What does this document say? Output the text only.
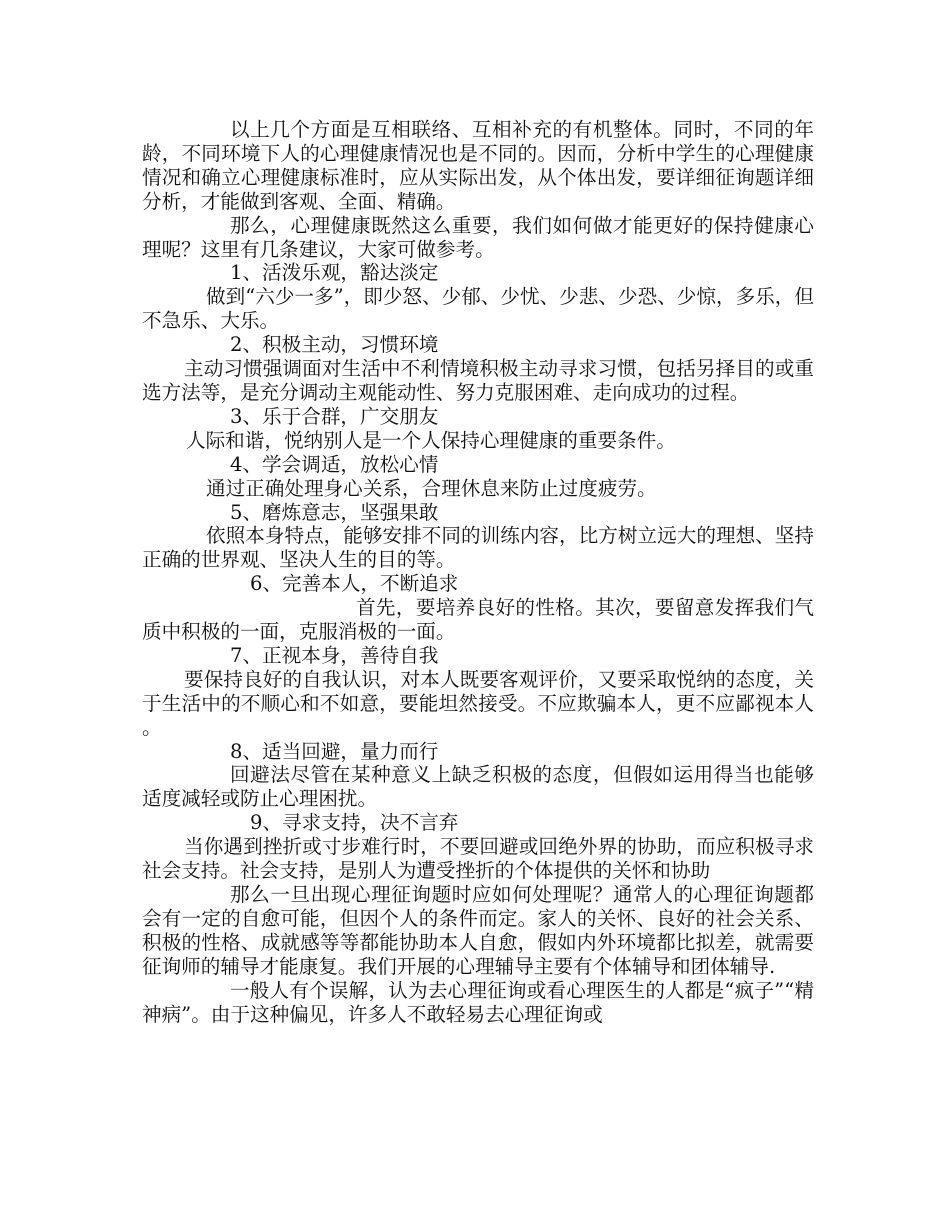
以上几个方面是互相联络、互相补充的有机整体。同时，不同的年龄，不同环境下人的心理健康情况也是不同的。因而，分析中学生的心理健康情况和确立心理健康标准时，应从实际出发，从个体出发，要详细征询题详细分析，才能做到客观、全面、精确。

那么，心理健康既然这么重要，我们如何做才能更好的保持健康心理呢？这里有几条建议，大家可做参考。

1、活泼乐观，豁达淡定

做到“六少一多”，即少怒、少郁、少忧、少悲、少恐、少惊，多乐，但不急乐、大乐。

2、积极主动，习惯环境

主动习惯强调面对生活中不利情境积极主动寻求习惯，包括另择目的或重选方法等，是充分调动主观能动性、努力克服困难、走向成功的过程。

3、乐于合群，广交朋友

人际和谐，悦纳别人是一个人保持心理健康的重要条件。

4、学会调适，放松心情

通过正确处理身心关系，合理休息来防止过度疲劳。

5、磨炼意志，坚强果敢

依照本身特点，能够安排不同的训练内容，比方树立远大的理想、坚持正确的世界观、坚决人生的目的等。

6、完善本人，不断追求

首先，要培养良好的性格。其次，要留意发挥我们气质中积极的一面，克服消极的一面。

7、正视本身，善待自我

要保持良好的自我认识，对本人既要客观评价，又要采取悦纳的态度，关于生活中的不顺心和不如意，要能坦然接受。不应欺骗本人，更不应鄙视本人。

8、适当回避，量力而行

回避法尽管在某种意义上缺乏积极的态度，但假如运用得当也能够适度减轻或防止心理困扰。

9、寻求支持，决不言弃

当你遇到挫折或寸步难行时，不要回避或回绝外界的协助，而应积极寻求社会支持。社会支持，是别人为遭受挫折的个体提供的关怀和协助

那么一旦出现心理征询题时应如何处理呢？通常人的心理征询题都会有一定的自愈可能，但因个人的条件而定。家人的关怀、良好的社会关系、积极的性格、成就感等等都能协助本人自愈，假如内外环境都比拟差，就需要征询师的辅导才能康复。我们开展的心理辅导主要有个体辅导和团体辅导.

一般人有个误解，认为去心理征询或看心理医生的人都是“疯子”“精神病”。由于这种偏见，许多人不敢轻易去心理征询或
